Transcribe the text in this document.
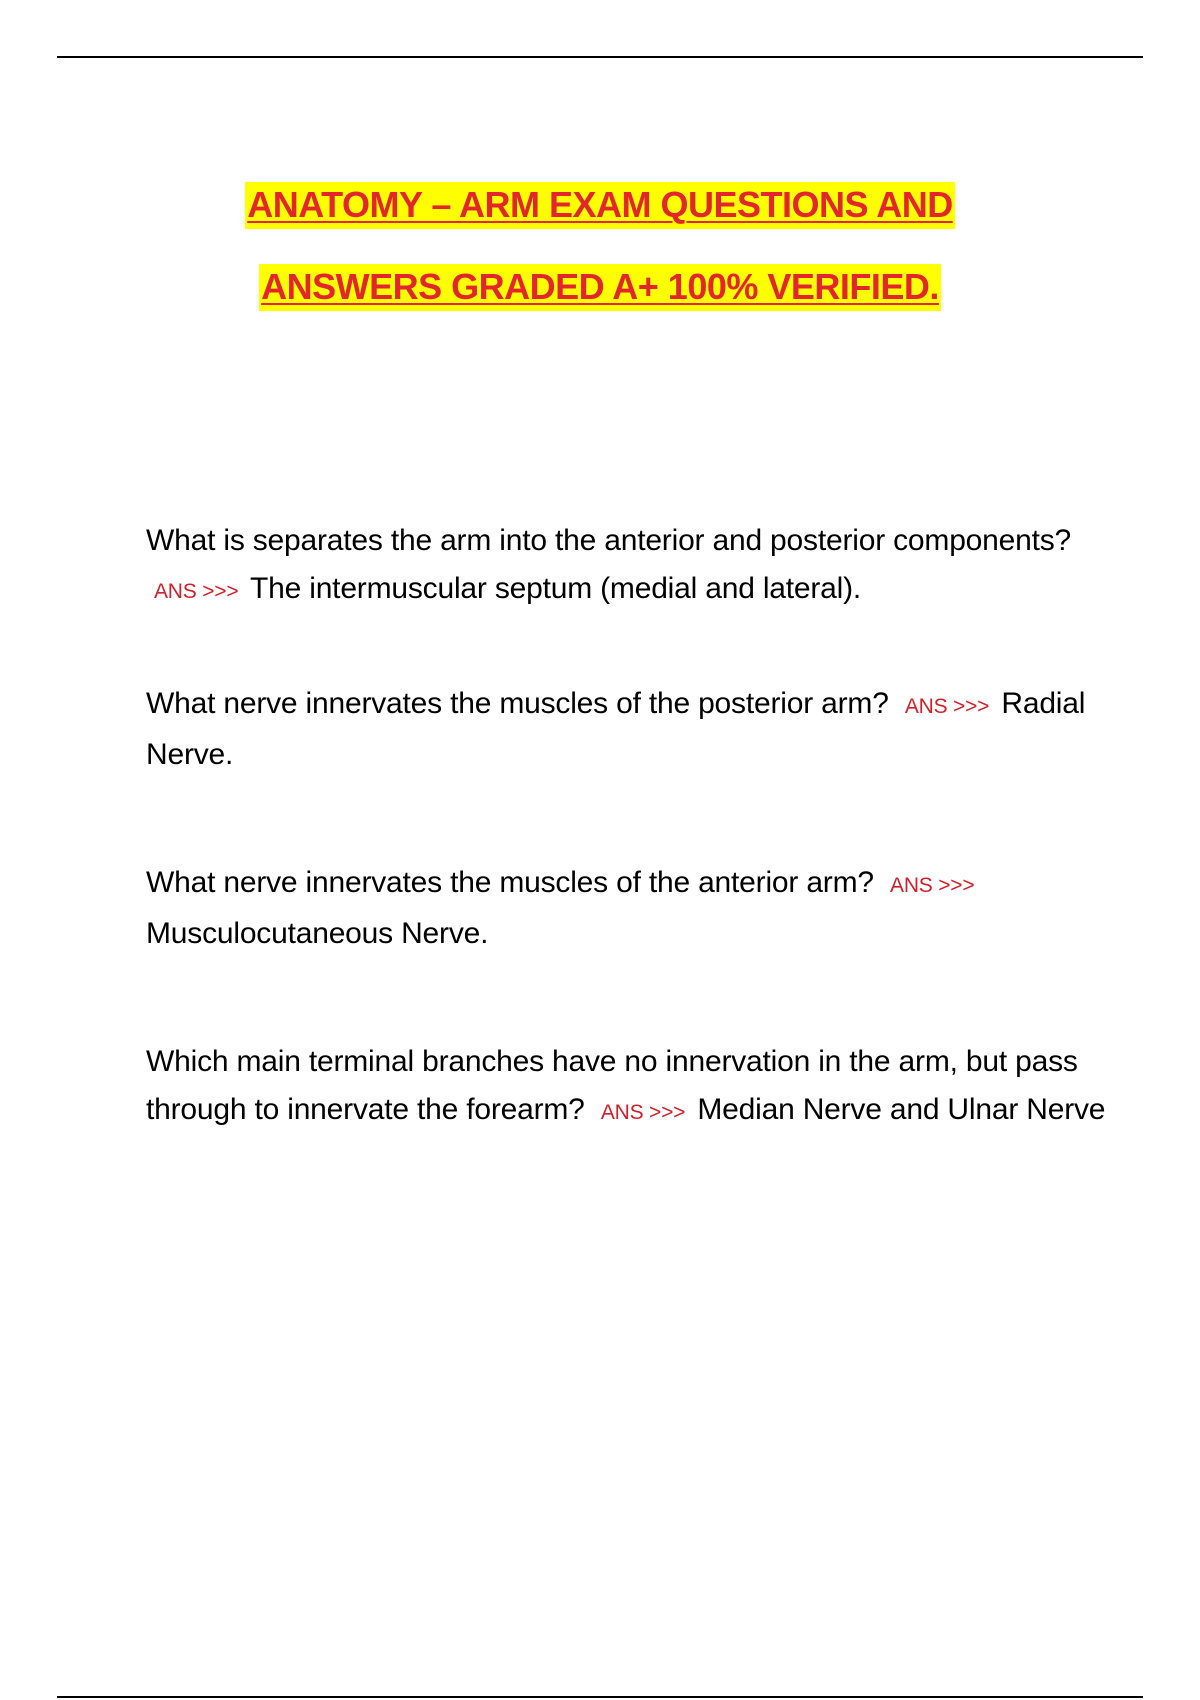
ANATOMY – ARM EXAM QUESTIONS AND
ANSWERS GRADED A+ 100% VERIFIED.

What is separates the arm into the anterior and posterior components? ANS >>> The intermuscular septum (medial and lateral).

What nerve innervates the muscles of the posterior arm? ANS >>> Radial Nerve.

What nerve innervates the muscles of the anterior arm? ANS >>> Musculocutaneous Nerve.

Which main terminal branches have no innervation in the arm, but pass through to innervate the forearm? ANS >>> Median Nerve and Ulnar Nerve
